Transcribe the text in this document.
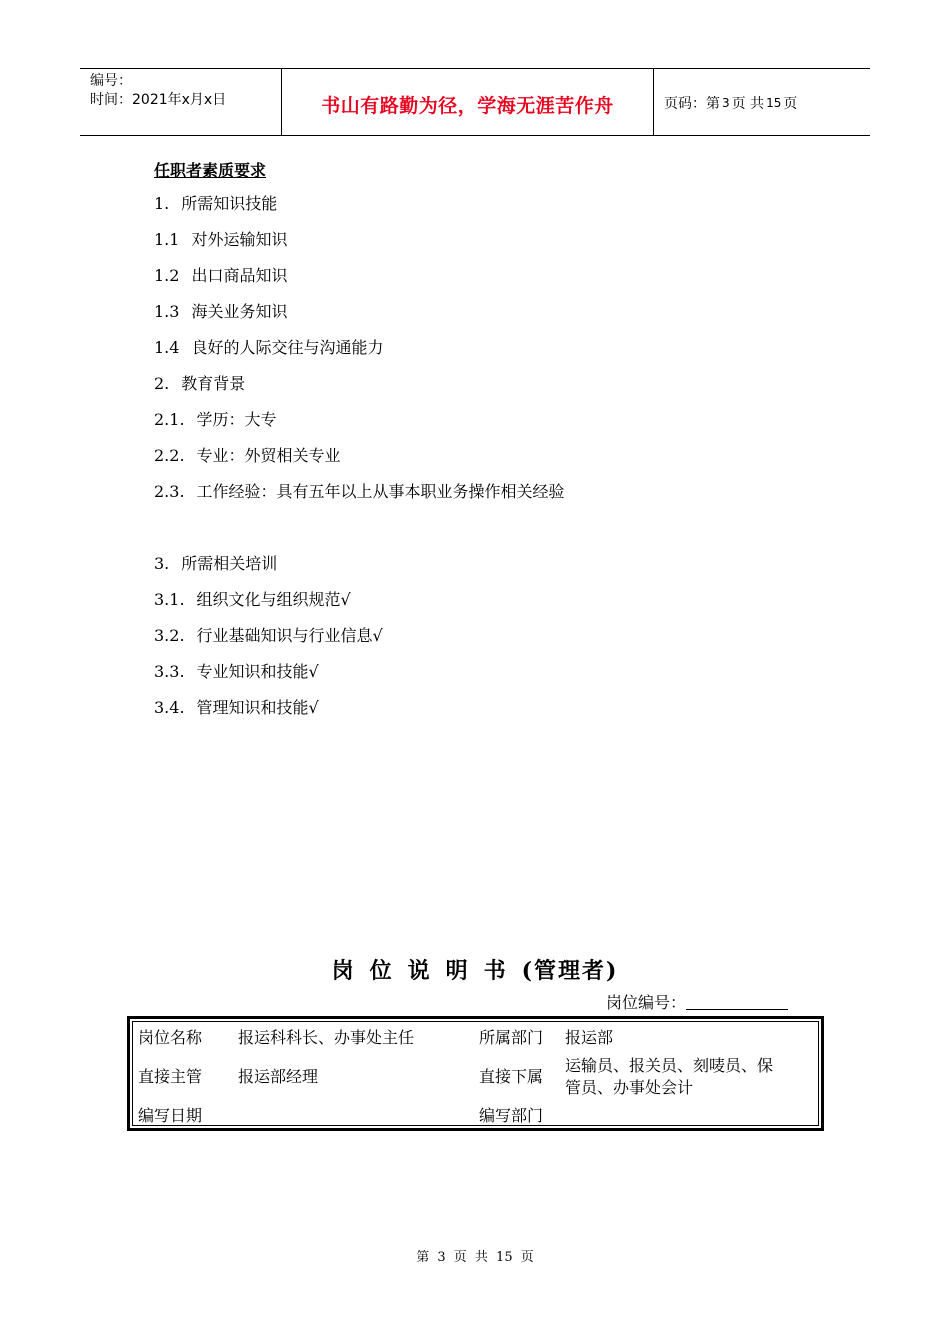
编号：
时间：2021年x月x日	书山有路勤为径，学海无涯苦作舟	页码：第 3 页 共 15 页
任职者素质要求
1. 所需知识技能
1.1 对外运输知识
1.2 出口商品知识
1.3 海关业务知识
1.4 良好的人际交往与沟通能力
2. 教育背景
2.1. 学历：大专
2.2. 专业：外贸相关专业
2.3. 工作经验：具有五年以上从事本职业务操作相关经验
3. 所需相关培训
3.1. 组织文化与组织规范√
3.2. 行业基础知识与行业信息√
3.3. 专业知识和技能√
3.4. 管理知识和技能√
岗位说明书(管理者)
岗位编号：
岗位名称 报运科科长、办事处主任	所属部门 报运部
直接主管 报运部经理	直接下属
运输员、报关员、刻唛员、保
管员、办事处会计
编写日期	编写部门
第 3 页 共 15 页
